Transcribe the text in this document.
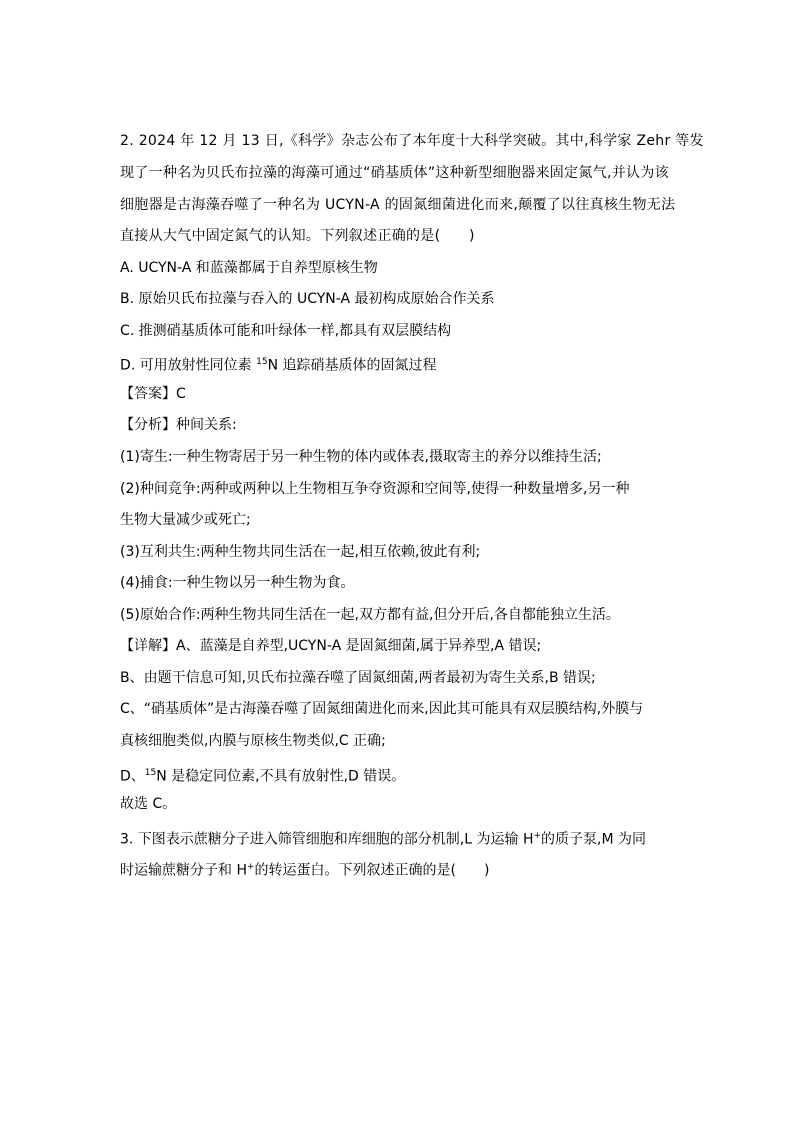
2. 2024 年 12 月 13 日,《科学》杂志公布了本年度十大科学突破。其中,科学家 Zehr 等发
现了一种名为贝氏布拉藻的海藻可通过“硝基质体”这种新型细胞器来固定氮气,并认为该
细胞器是古海藻吞噬了一种名为 UCYN-A 的固氮细菌进化而来,颠覆了以往真核生物无法
直接从大气中固定氮气的认知。下列叙述正确的是(　　)
A. UCYN-A 和蓝藻都属于自养型原核生物
B. 原始贝氏布拉藻与吞入的 UCYN-A 最初构成原始合作关系
C. 推测硝基质体可能和叶绿体一样,都具有双层膜结构
D. 可用放射性同位素 $^{15}$N 追踪硝基质体的固氮过程
【答案】C
【分析】种间关系:
(1)寄生:一种生物寄居于另一种生物的体内或体表,摄取寄主的养分以维持生活;
(2)种间竞争:两种或两种以上生物相互争夺资源和空间等,使得一种数量增多,另一种
生物大量减少或死亡;
(3)互利共生:两种生物共同生活在一起,相互依赖,彼此有利;
(4)捕食:一种生物以另一种生物为食。
(5)原始合作:两种生物共同生活在一起,双方都有益,但分开后,各自都能独立生活。
【详解】A、蓝藻是自养型,UCYN-A 是固氮细菌,属于异养型,A 错误;
B、由题干信息可知,贝氏布拉藻吞噬了固氮细菌,两者最初为寄生关系,B 错误;
C、“硝基质体”是古海藻吞噬了固氮细菌进化而来,因此其可能具有双层膜结构,外膜与
真核细胞类似,内膜与原核生物类似,C 正确;
D、$^{15}$N 是稳定同位素,不具有放射性,D 错误。
故选 C。
3. 下图表示蔗糖分子进入筛管细胞和库细胞的部分机制,L 为运输 H+的质子泵,M 为同
时运输蔗糖分子和 H+的转运蛋白。下列叙述正确的是(　　)
